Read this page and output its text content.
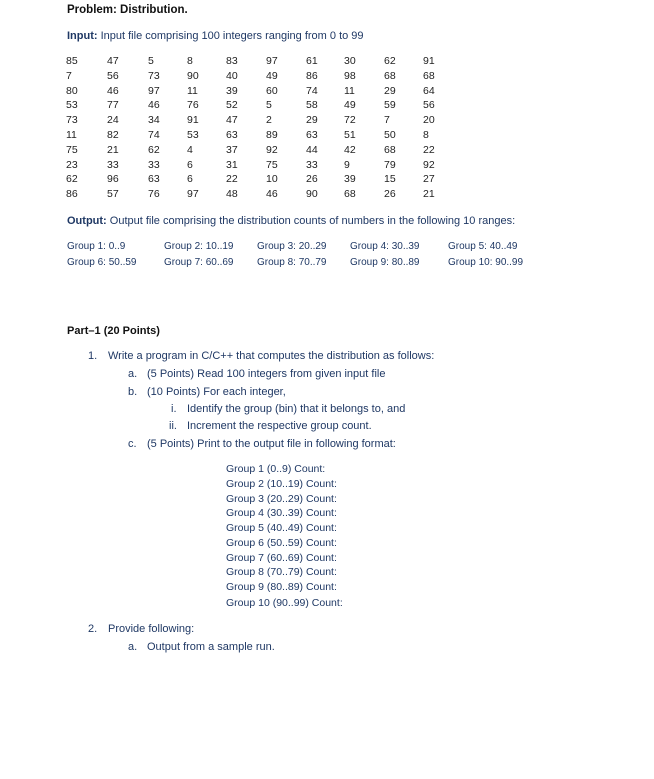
Problem: Distribution.
Input: Input file comprising 100 integers ranging from 0 to 99
85	47	5	8	83	97	61	30	62	91
7	56	73	90	40	49	86	98	68	68
80	46	97	11	39	60	74	11	29	64
53	77	46	76	52	5	58	49	59	56
73	24	34	91	47	2	29	72	7	20
11	82	74	53	63	89	63	51	50	8
75	21	62	4	37	92	44	42	68	22
23	33	33	6	31	75	33	9	79	92
62	96	63	6	22	10	26	39	15	27
86	57	76	97	48	46	90	68	26	21
Output: Output file comprising the distribution counts of numbers in the following 10 ranges:
Group 1: 0..9	Group 2: 10..19 Group 3: 20..29 Group 4: 30..39	Group 5: 40..49
Group 6: 50..59	Group 7: 60..69 Group 8: 70..79 Group 9: 80..89	Group 10: 90..99
Part–1 (20 Points)
1. Write a program in C/C++ that computes the distribution as follows:
a. (5 Points) Read 100 integers from given input file
b. (10 Points) For each integer,
i. Identify the group (bin) that it belongs to, and
ii. Increment the respective group count.
c. (5 Points) Print to the output file in following format:
Group 1 (0..9) Count:
Group 2 (10..19) Count:
Group 3 (20..29) Count:
Group 4 (30..39) Count:
Group 5 (40..49) Count:
Group 6 (50..59) Count:
Group 7 (60..69) Count:
Group 8 (70..79) Count:
Group 9 (80..89) Count:
Group 10 (90..99) Count:
2. Provide following:
a. Output from a sample run.
